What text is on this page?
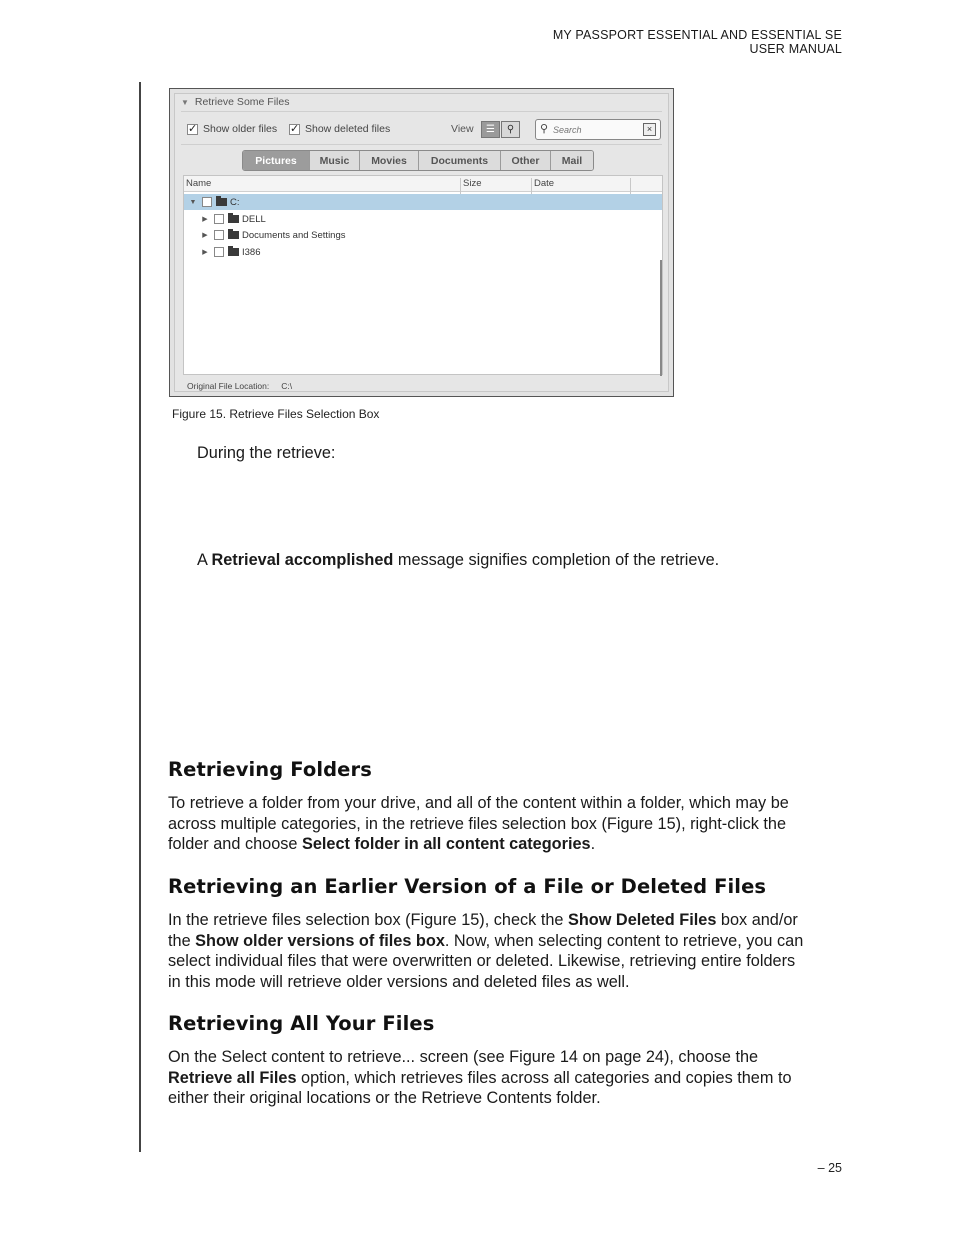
MY PASSPORT ESSENTIAL AND ESSENTIAL SE
USER MANUAL
▼ Retrieve Some Files
✓
Show older files
✓	Show deleted files	View ☰ ⚲ ⚲
Search	×
Pictures	Music	Movies	Documents	Other	Mail
Name	Size	Date
▼	C:
▶	DELL
▶	Documents and Settings
▶	I386
Original File Location: C:\
Figure 15. Retrieve Files Selection Box
During the retrieve:
A Retrieval accomplished message signifies completion of the retrieve.
Retrieving Folders
To retrieve a folder from your drive, and all of the content within a folder, which may be
across multiple categories, in the retrieve files selection box (Figure 15), right-click the
folder and choose Select folder in all content categories.
Retrieving an Earlier Version of a File or Deleted Files
In the retrieve files selection box (Figure 15), check the Show Deleted Files box and/or
the Show older versions of files box. Now, when selecting content to retrieve, you can
select individual files that were overwritten or deleted. Likewise, retrieving entire folders
in this mode will retrieve older versions and deleted files as well.
Retrieving All Your Files
On the Select content to retrieve... screen (see Figure 14 on page 24), choose the
Retrieve all Files option, which retrieves files across all categories and copies them to
either their original locations or the Retrieve Contents folder.
– 25
